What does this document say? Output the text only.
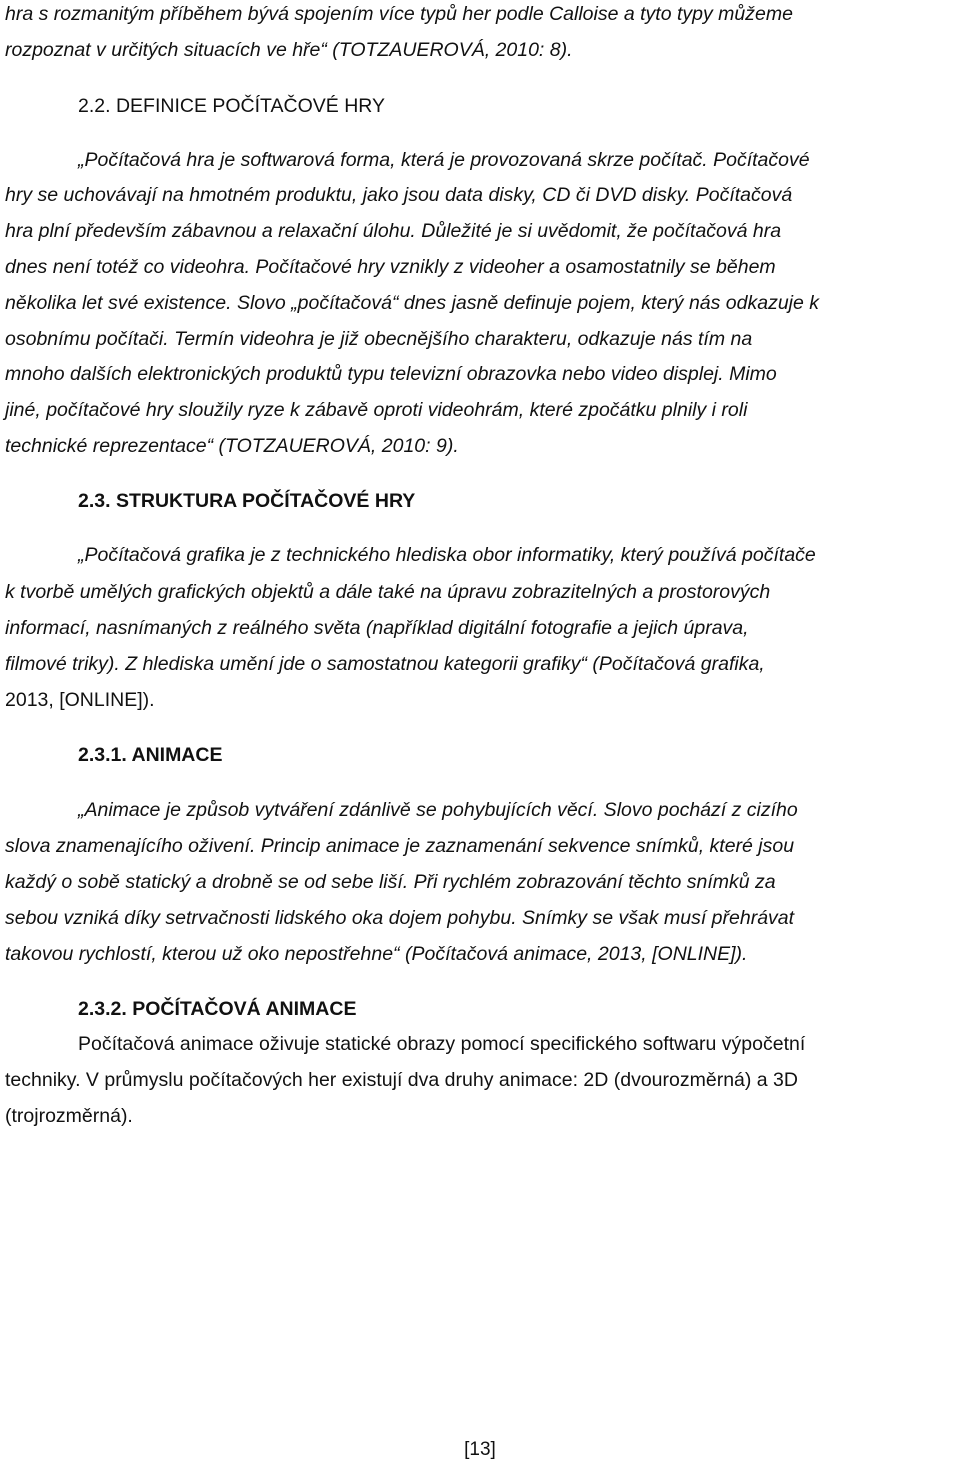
hra s rozmanitým příběhem bývá spojením více typů her podle Calloise a tyto typy můžeme
rozpoznat v určitých situacích ve hře“ (TOTZAUEROVÁ, 2010: 8).
2.2. DEFINICE POČÍTAČOVÉ HRY
„Počítačová hra je softwarová forma, která je provozovaná skrze počítač. Počítačové
hry se uchovávají na hmotném produktu, jako jsou data disky, CD či DVD disky. Počítačová
hra plní především zábavnou a relaxační úlohu. Důležité je si uvědomit, že počítačová hra
dnes není totéž co videohra. Počítačové hry vznikly z videoher a osamostatnily se během
několika let své existence. Slovo „počítačová“ dnes jasně definuje pojem, který nás odkazuje k
osobnímu počítači. Termín videohra je již obecnějšího charakteru, odkazuje nás tím na
mnoho dalších elektronických produktů typu televizní obrazovka nebo video displej. Mimo
jiné, počítačové hry sloužily ryze k zábavě oproti videohrám, které zpočátku plnily i roli
technické reprezentace“ (TOTZAUEROVÁ, 2010: 9).
2.3. STRUKTURA POČÍTAČOVÉ HRY
„Počítačová grafika je z technického hlediska obor informatiky, který používá počítače
k tvorbě umělých grafických objektů a dále také na úpravu zobrazitelných a prostorových
informací, nasnímaných z reálného světa (například digitální fotografie a jejich úprava,
filmové triky). Z hlediska umění jde o samostatnou kategorii grafiky“ (Počítačová grafika,
2013, [ONLINE]).
2.3.1. ANIMACE
„Animace je způsob vytváření zdánlivě se pohybujících věcí. Slovo pochází z cizího
slova znamenajícího oživení. Princip animace je zaznamenání sekvence snímků, které jsou
každý o sobě statický a drobně se od sebe liší. Při rychlém zobrazování těchto snímků za
sebou vzniká díky setrvačnosti lidského oka dojem pohybu. Snímky se však musí přehrávat
takovou rychlostí, kterou už oko nepostřehne“ (Počítačová animace, 2013, [ONLINE]).
2.3.2. POČÍTAČOVÁ ANIMACE
Počítačová animace oživuje statické obrazy pomocí specifického softwaru výpočetní
techniky. V průmyslu počítačových her existují dva druhy animace: 2D (dvourozměrná) a 3D
(trojrozměrná).
[13]
